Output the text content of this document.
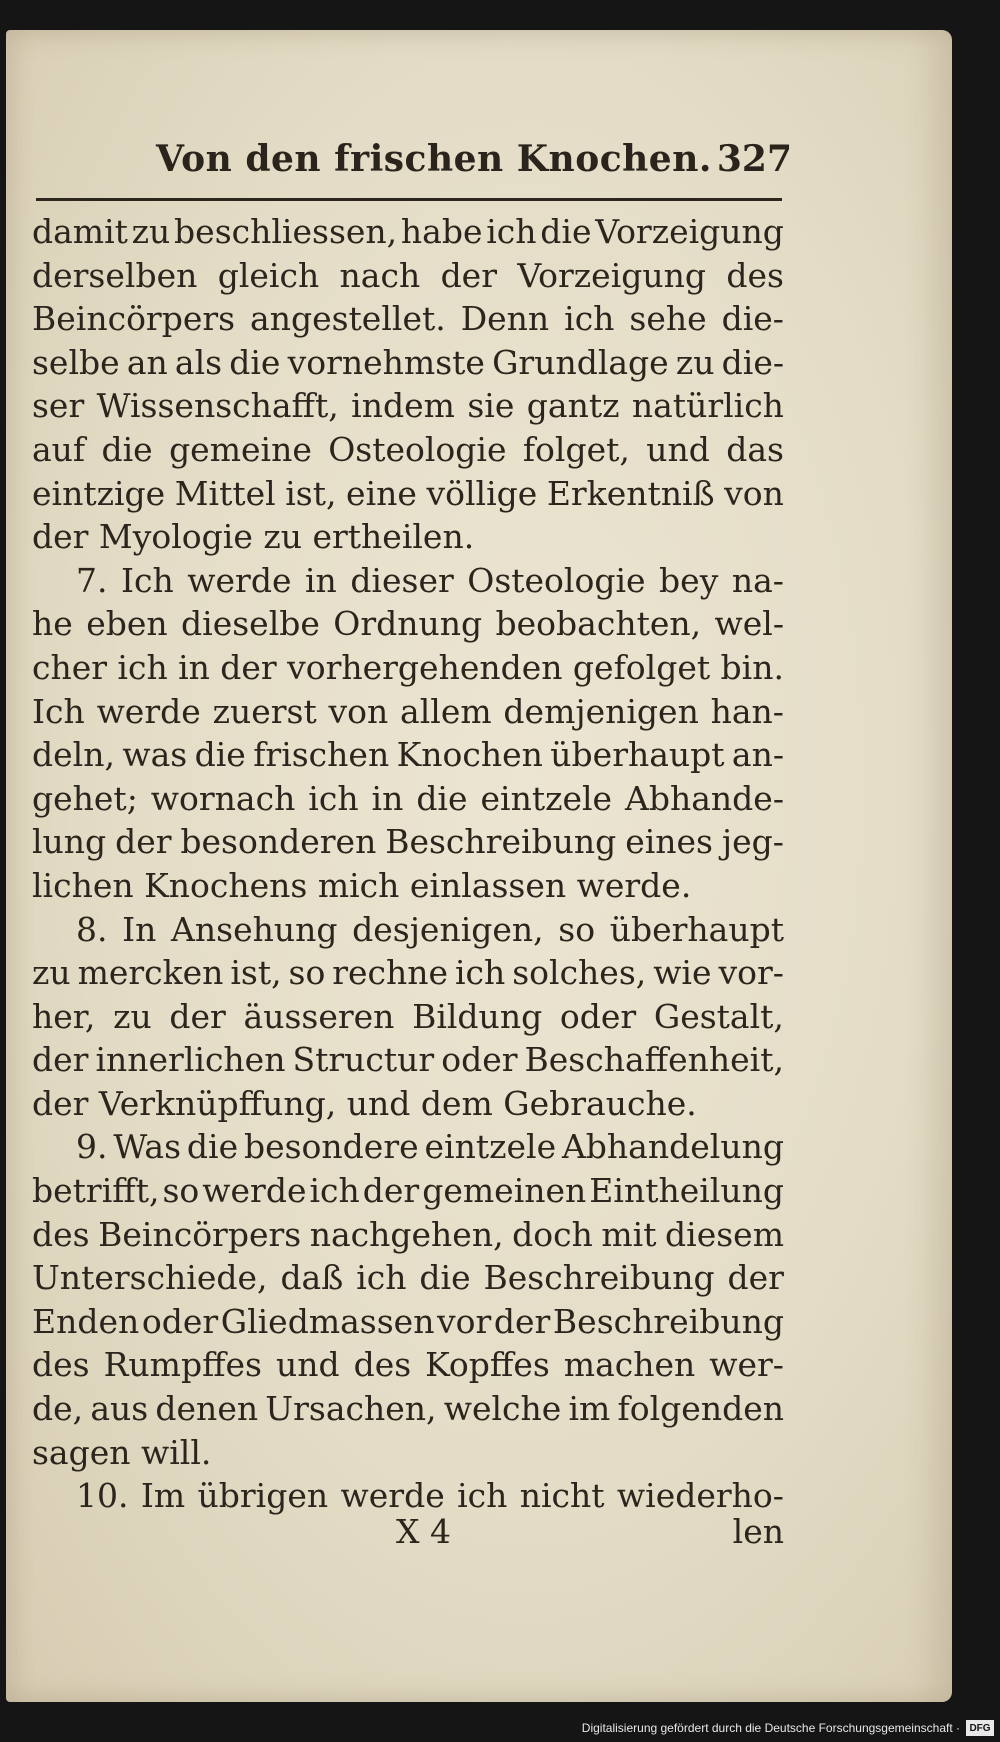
Von den frischen Knochen. 327
damit zu beschliessen, habe ich die Vorzeigung
derselben gleich nach der Vorzeigung des
Beincörpers angestellet. Denn ich sehe die-
selbe an als die vornehmste Grundlage zu die-
ser Wissenschafft, indem sie gantz natürlich
auf die gemeine Osteologie folget, und das
eintzige Mittel ist, eine völlige Erkentniß von
der Myologie zu ertheilen.
7. Ich werde in dieser Osteologie bey na-
he eben dieselbe Ordnung beobachten, wel-
cher ich in der vorhergehenden gefolget bin.
Ich werde zuerst von allem demjenigen han-
deln, was die frischen Knochen überhaupt an-
gehet; wornach ich in die eintzele Abhande-
lung der besonderen Beschreibung eines jeg-
lichen Knochens mich einlassen werde.
8. In Ansehung desjenigen, so überhaupt
zu mercken ist, so rechne ich solches, wie vor-
her, zu der äusseren Bildung oder Gestalt,
der innerlichen Structur oder Beschaffenheit,
der Verknüpffung, und dem Gebrauche.
9. Was die besondere eintzele Abhandelung
betrifft, so werde ich der gemeinen Eintheilung
des Beincörpers nachgehen, doch mit diesem
Unterschiede, daß ich die Beschreibung der
Enden oder Gliedmassen vor der Beschreibung
des Rumpffes und des Kopffes machen wer-
de, aus denen Ursachen, welche im folgenden
sagen will.
10. Im übrigen werde ich nicht wiederho-
X 4	len
Digitalisierung gefördert durch die Deutsche Forschungsgemeinschaft · DFG
